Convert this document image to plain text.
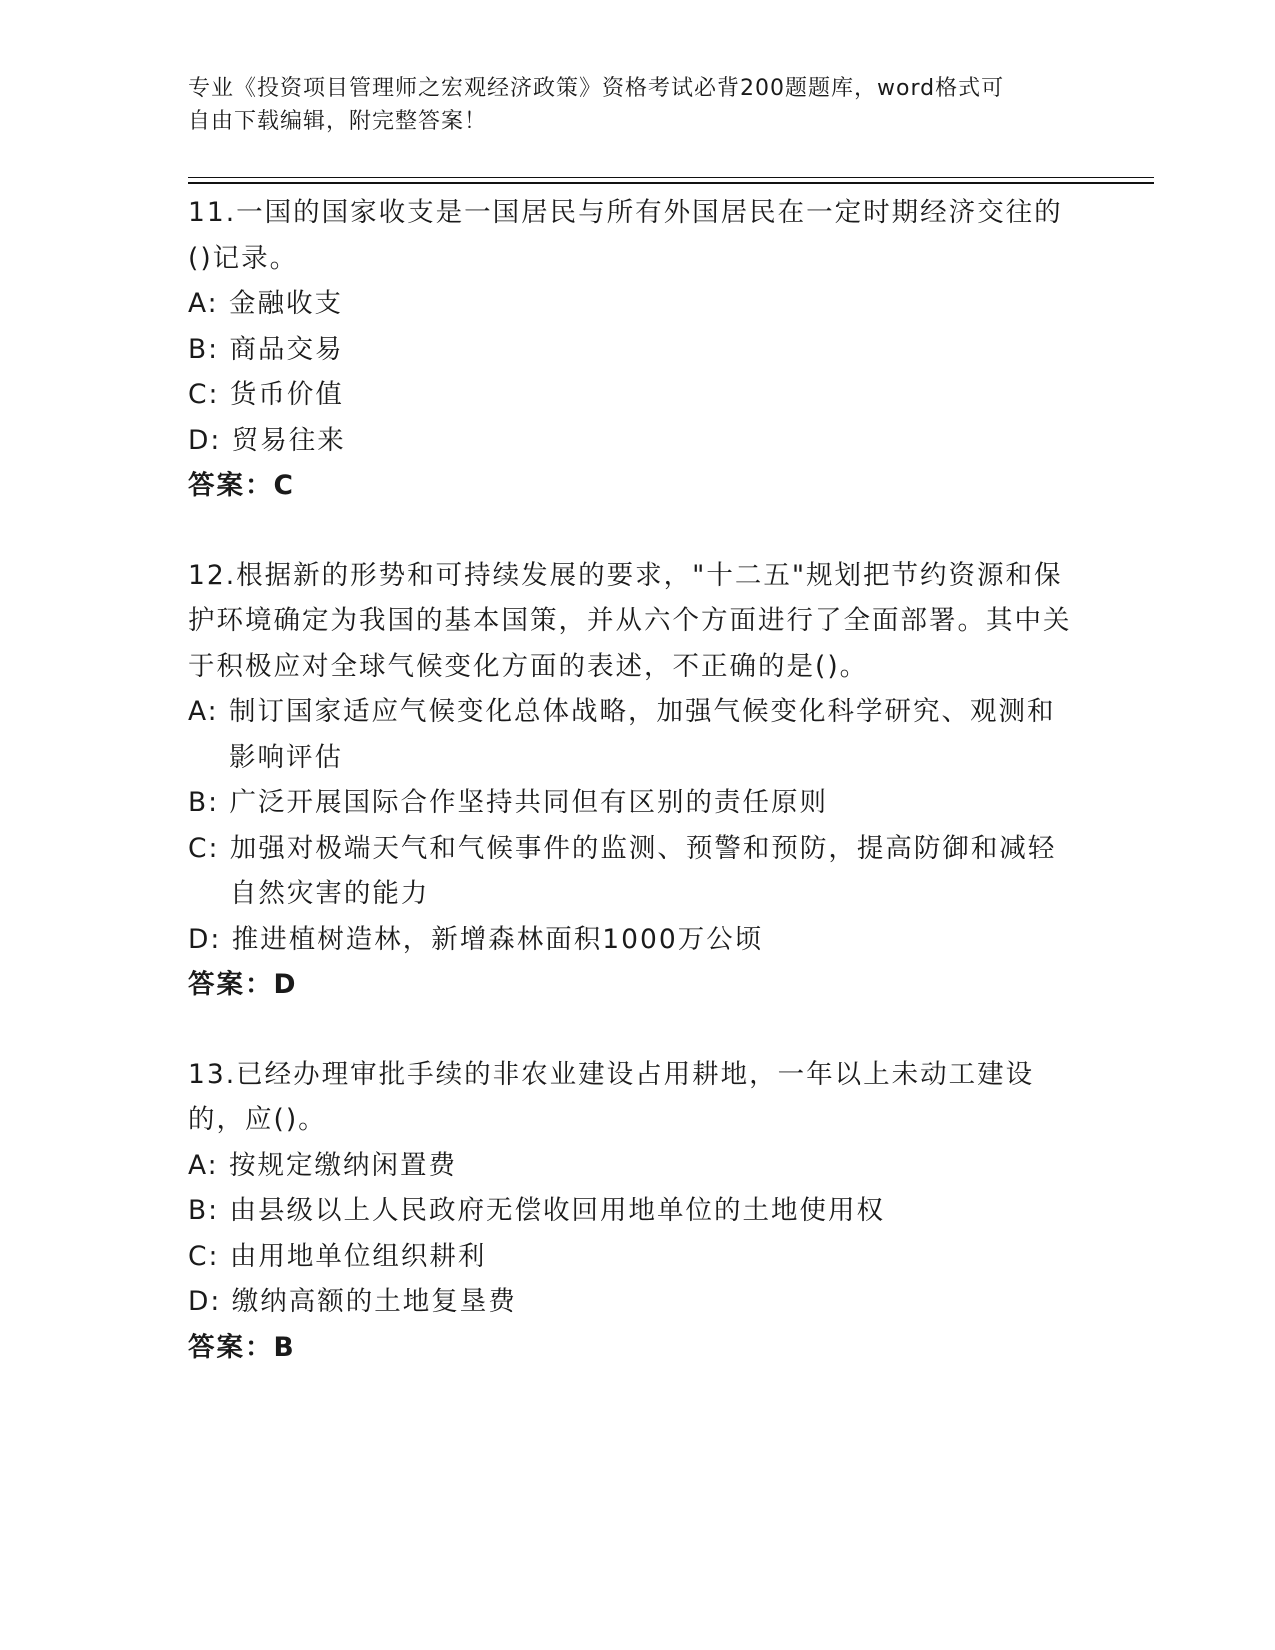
专业《投资项目管理师之宏观经济政策》资格考试必背200题题库，word格式可
自由下载编辑，附完整答案！
11.一国的国家收支是一国居民与所有外国居民在一定时期经济交往的()记录。
A: 金融收支
B: 商品交易
C: 货币价值
D: 贸易往来
答案：C
12.根据新的形势和可持续发展的要求，"十二五"规划把节约资源和保护环境确定为我国的基本国策，并从六个方面进行了全面部署。其中关于积极应对全球气候变化方面的表述，不正确的是()。
A: 制订国家适应气候变化总体战略，加强气候变化科学研究、观测和影响评估
B: 广泛开展国际合作坚持共同但有区别的责任原则
C: 加强对极端天气和气候事件的监测、预警和预防，提高防御和减轻自然灾害的能力
D: 推进植树造林，新增森林面积1000万公顷
答案：D
13.已经办理审批手续的非农业建设占用耕地，一年以上未动工建设的，应()。
A: 按规定缴纳闲置费
B: 由县级以上人民政府无偿收回用地单位的土地使用权
C: 由用地单位组织耕利
D: 缴纳高额的土地复垦费
答案：B
